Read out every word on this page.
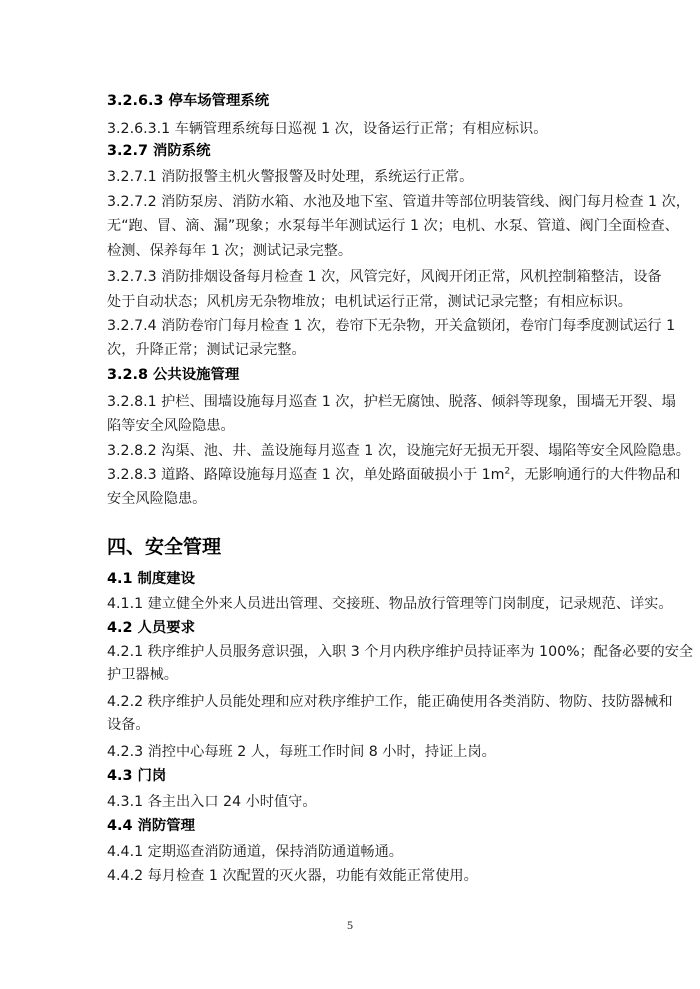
3.2.6.3 停车场管理系统
3.2.6.3.1 车辆管理系统每日巡视 1 次，设备运行正常；有相应标识。
3.2.7 消防系统
3.2.7.1 消防报警主机火警报警及时处理，系统运行正常。
3.2.7.2 消防泵房、消防水箱、水池及地下室、管道井等部位明装管线、阀门每月检查 1 次，
无“跑、冒、滴、漏”现象；水泵每半年测试运行 1 次；电机、水泵、管道、阀门全面检查、
检测、保养每年 1 次；测试记录完整。
3.2.7.3 消防排烟设备每月检查 1 次，风管完好，风阀开闭正常，风机控制箱整洁，设备
处于自动状态；风机房无杂物堆放；电机试运行正常，测试记录完整；有相应标识。
3.2.7.4 消防卷帘门每月检查 1 次，卷帘下无杂物，开关盒锁闭，卷帘门每季度测试运行 1
次，升降正常；测试记录完整。
3.2.8 公共设施管理
3.2.8.1 护栏、围墙设施每月巡查 1 次，护栏无腐蚀、脱落、倾斜等现象，围墙无开裂、塌
陷等安全风险隐患。
3.2.8.2 沟渠、池、井、盖设施每月巡查 1 次，设施完好无损无开裂、塌陷等安全风险隐患。
3.2.8.3 道路、路障设施每月巡查 1 次，单处路面破损小于 $1m^2$，无影响通行的大件物品和
安全风险隐患。
四、安全管理
4.1 制度建设
4.1.1 建立健全外来人员进出管理、交接班、物品放行管理等门岗制度，记录规范、详实。
4.2 人员要求
4.2.1 秩序维护人员服务意识强，入职 3 个月内秩序维护员持证率为 100%；配备必要的安全
护卫器械。
4.2.2 秩序维护人员能处理和应对秩序维护工作，能正确使用各类消防、物防、技防器械和
设备。
4.2.3 消控中心每班 2 人，每班工作时间 8 小时，持证上岗。
4.3 门岗
4.3.1 各主出入口 24 小时值守。
4.4 消防管理
4.4.1 定期巡查消防通道，保持消防通道畅通。
4.4.2 每月检查 1 次配置的灭火器，功能有效能正常使用。
5
